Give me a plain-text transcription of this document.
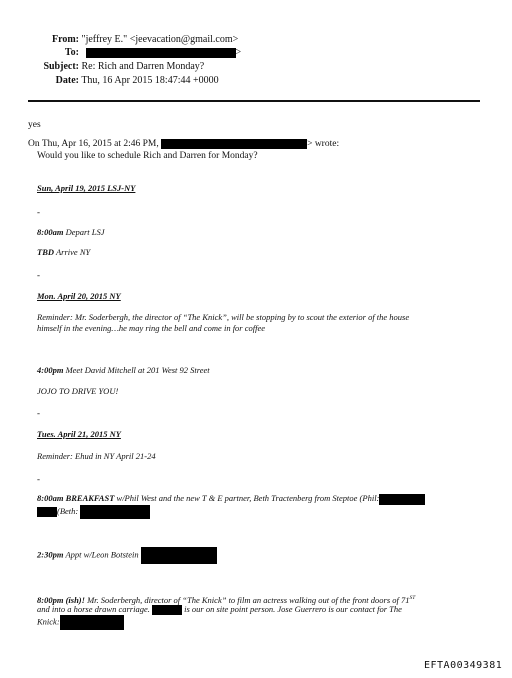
From: "jeffrey E." <jeevacation@gmail.com>
To:	>
Subject: Re: Rich and Darren Monday?
Date: Thu, 16 Apr 2015 18:47:44 +0000
yes
On Thu, Apr 16, 2015 at 2:46 PM,	> wrote:
Would you like to schedule Rich and Darren for Monday?
Sun, April 19, 2015 LSJ-NY
-
8:00am Depart LSJ
TBD Arrive NY
-
Mon. April 20, 2015 NY
Reminder: Mr. Soderbergh, the director of “The Knick”, will be stopping by to scout the exterior of the house
himself in the evening…he may ring the bell and come in for coffee
4:00pm Meet David Mitchell at 201 West 92 Street
JOJO TO DRIVE YOU!
-
Tues. April 21, 2015 NY
Reminder: Ehud in NY April 21-24
-
8:00am BREAKFAST w/Phil West and the new T & E partner, Beth Tractenberg from Steptoe (Phil:
(Beth:
2:30pm Appt w/Leon Botstein
8:00pm (ish)! Mr. Soderbergh, director of “The Knick” to film an actress walking out of the front doors of 71ST
and into a horse drawn carriage.	is our on site point person. Jose Guerrero is our contact for The
Knick:
EFTA00349381
